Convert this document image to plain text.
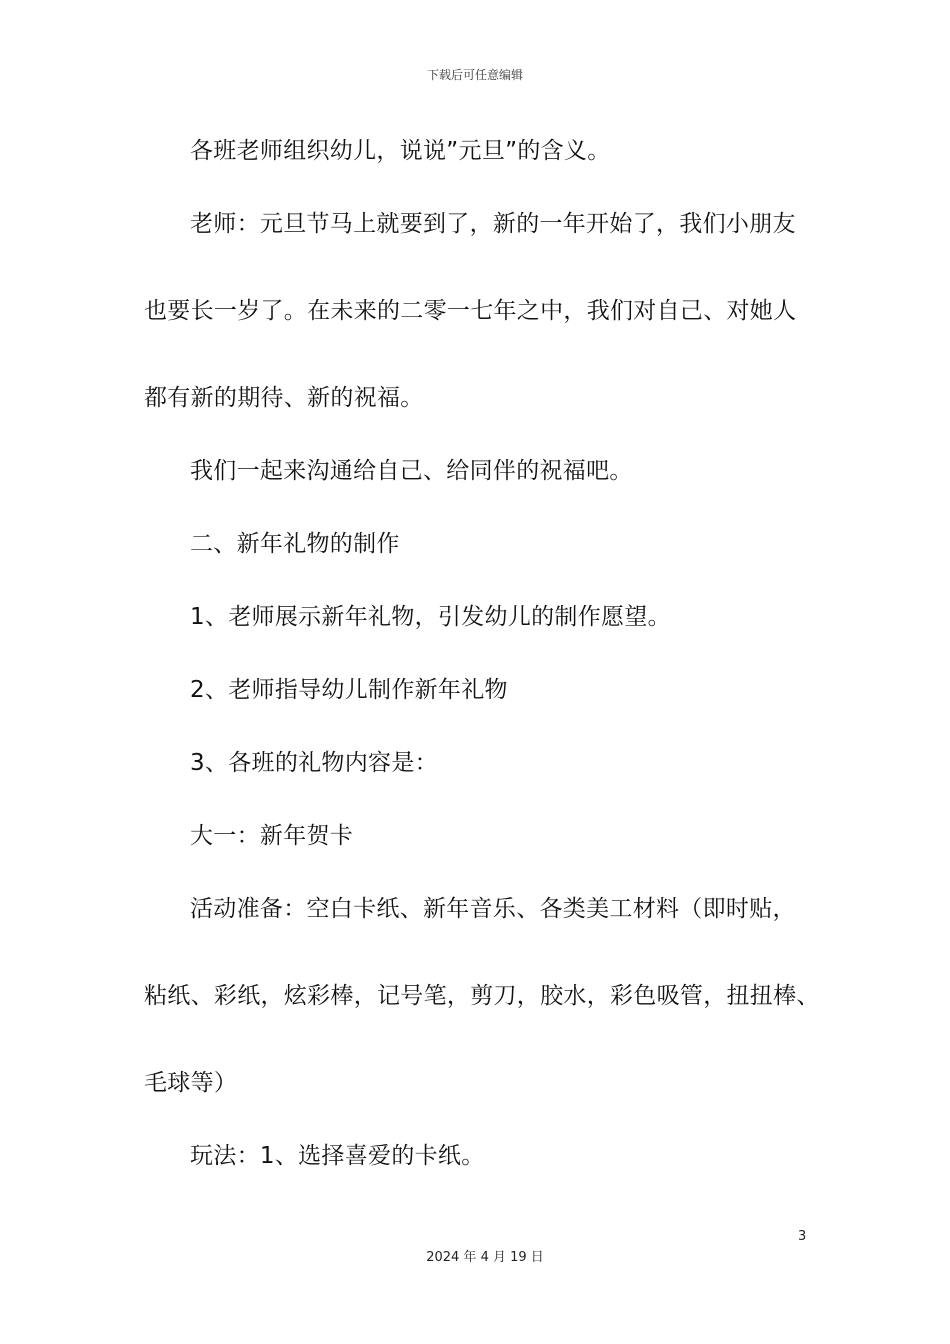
下载后可任意编辑
各班老师组织幼儿，说说”元旦”的含义。
老师：元旦节马上就要到了，新的一年开始了，我们小朋友
也要长一岁了。在未来的二零一七年之中，我们对自己、对她人
都有新的期待、新的祝福。
我们一起来沟通给自己、给同伴的祝福吧。
二、新年礼物的制作
1、老师展示新年礼物，引发幼儿的制作愿望。
2、老师指导幼儿制作新年礼物
3、各班的礼物内容是：
大一：新年贺卡
活动准备：空白卡纸、新年音乐、各类美工材料（即时贴，
粘纸、彩纸，炫彩棒，记号笔，剪刀，胶水，彩色吸管，扭扭棒、
毛球等）
玩法：1、选择喜爱的卡纸。
3
2024 年 4 月 19 日
